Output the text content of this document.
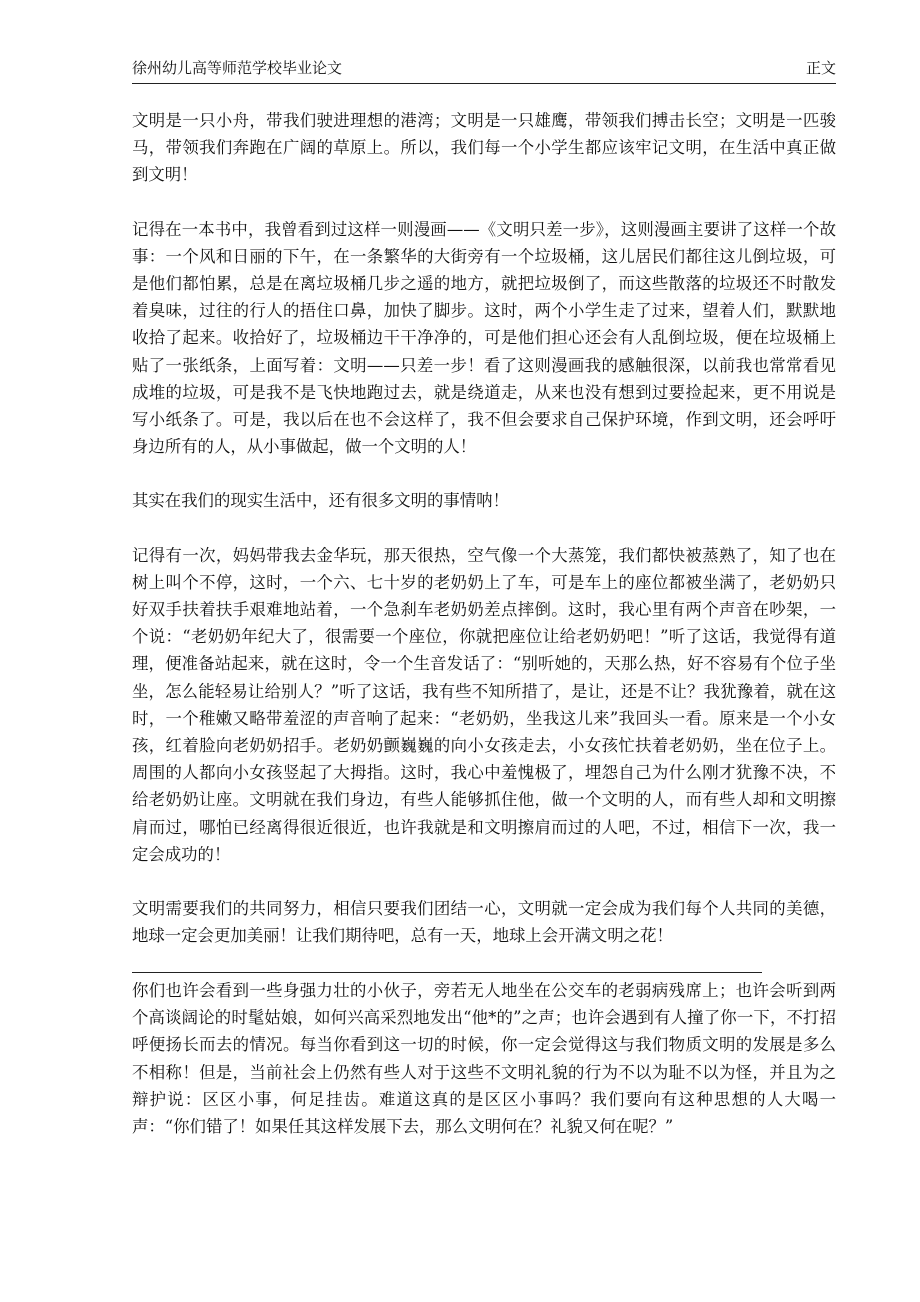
徐州幼儿高等师范学校毕业论文	正文

文明是一只小舟，带我们驶进理想的港湾；文明是一只雄鹰，带领我们搏击长空；文明是一匹骏马，带领我们奔跑在广阔的草原上。所以，我们每一个小学生都应该牢记文明，在生活中真正做到文明！

记得在一本书中，我曾看到过这样一则漫画——《文明只差一步》，这则漫画主要讲了这样一个故事：一个风和日丽的下午，在一条繁华的大街旁有一个垃圾桶，这儿居民们都往这儿倒垃圾，可是他们都怕累，总是在离垃圾桶几步之遥的地方，就把垃圾倒了，而这些散落的垃圾还不时散发着臭味，过往的行人的捂住口鼻，加快了脚步。这时，两个小学生走了过来，望着人们，默默地收拾了起来。收拾好了，垃圾桶边干干净净的，可是他们担心还会有人乱倒垃圾，便在垃圾桶上贴了一张纸条，上面写着：文明——只差一步！看了这则漫画我的感触很深，以前我也常常看见成堆的垃圾，可是我不是飞快地跑过去，就是绕道走，从来也没有想到过要捡起来，更不用说是写小纸条了。可是，我以后在也不会这样了，我不但会要求自己保护环境，作到文明，还会呼吁身边所有的人，从小事做起，做一个文明的人！

其实在我们的现实生活中，还有很多文明的事情呐！

记得有一次，妈妈带我去金华玩，那天很热，空气像一个大蒸笼，我们都快被蒸熟了，知了也在树上叫个不停，这时，一个六、七十岁的老奶奶上了车，可是车上的座位都被坐满了，老奶奶只好双手扶着扶手艰难地站着，一个急刹车老奶奶差点摔倒。这时，我心里有两个声音在吵架，一个说：“老奶奶年纪大了，很需要一个座位，你就把座位让给老奶奶吧！”听了这话，我觉得有道理，便准备站起来，就在这时，令一个生音发话了：“别听她的，天那么热，好不容易有个位子坐坐，怎么能轻易让给别人？”听了这话，我有些不知所措了，是让，还是不让？我犹豫着，就在这时，一个稚嫩又略带羞涩的声音响了起来：“老奶奶，坐我这儿来”我回头一看。原来是一个小女孩，红着脸向老奶奶招手。老奶奶颤巍巍的向小女孩走去，小女孩忙扶着老奶奶，坐在位子上。周围的人都向小女孩竖起了大拇指。这时，我心中羞愧极了，埋怨自己为什么刚才犹豫不决，不给老奶奶让座。文明就在我们身边，有些人能够抓住他，做一个文明的人，而有些人却和文明擦肩而过，哪怕已经离得很近很近，也许我就是和文明擦肩而过的人吧，不过，相信下一次，我一定会成功的！

文明需要我们的共同努力，相信只要我们团结一心，文明就一定会成为我们每个人共同的美德，地球一定会更加美丽！让我们期待吧，总有一天，地球上会开满文明之花！

你们也许会看到一些身强力壮的小伙子，旁若无人地坐在公交车的老弱病残席上；也许会听到两个高谈阔论的时髦姑娘，如何兴高采烈地发出“他*的”之声；也许会遇到有人撞了你一下，不打招呼便扬长而去的情况。每当你看到这一切的时候，你一定会觉得这与我们物质文明的发展是多么不相称！但是，当前社会上仍然有些人对于这些不文明礼貌的行为不以为耻不以为怪，并且为之辩护说：区区小事，何足挂齿。难道这真的是区区小事吗？我们要向有这种思想的人大喝一声：“你们错了！如果任其这样发展下去，那么文明何在？礼貌又何在呢？”
